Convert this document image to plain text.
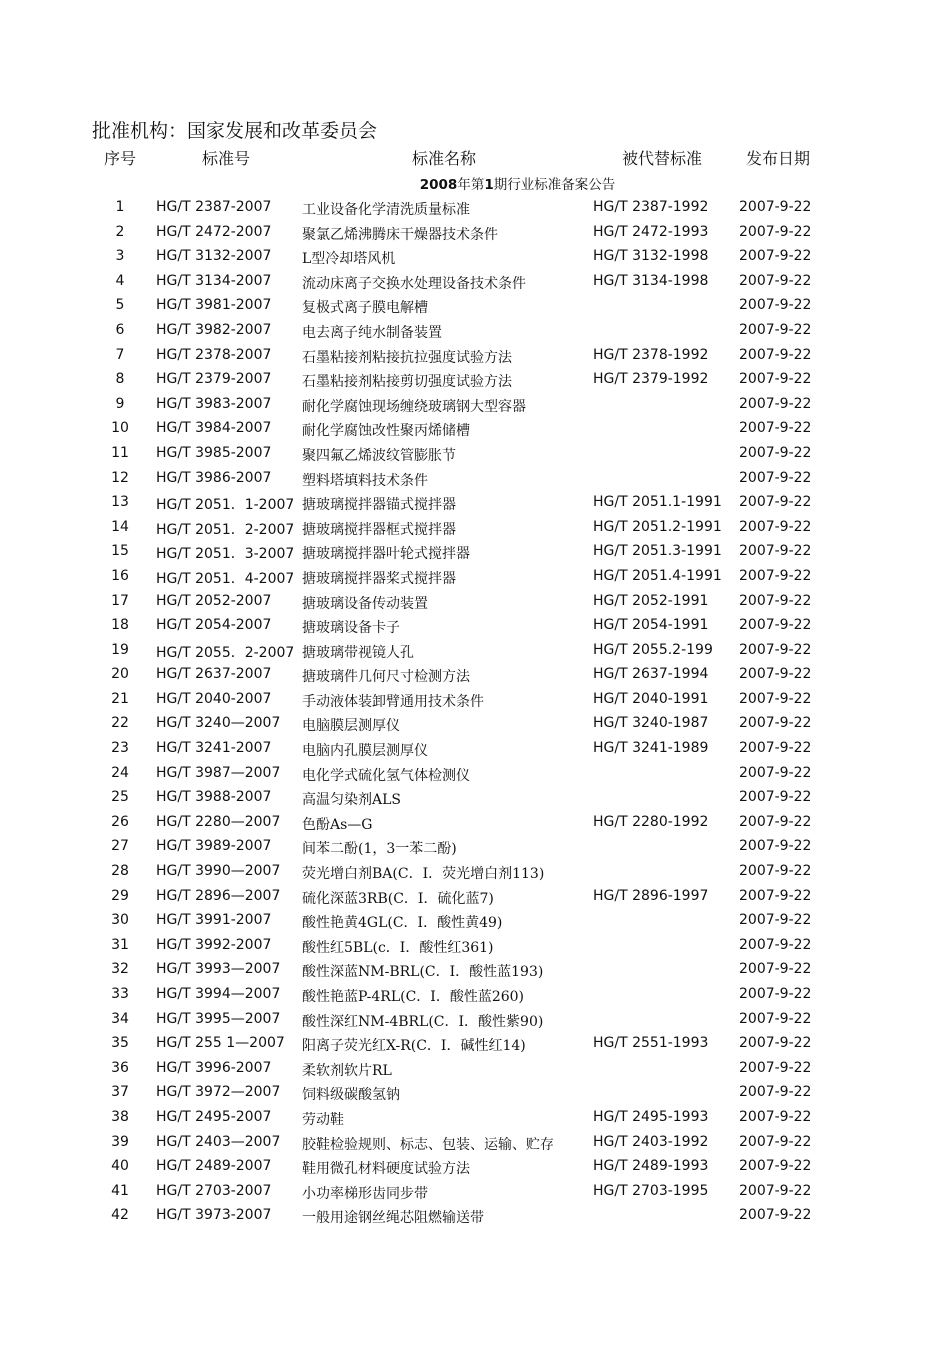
批准机构：国家发展和改革委员会
序号	标准号	标准名称	被代替标准	发布日期
2008年第1期行业标准备案公告
1	HG/T 2387-2007 工业设备化学清洗质量标准	HG/T 2387-1992 2007-9-22
2	HG/T 2472-2007 聚氯乙烯沸腾床干燥器技术条件	HG/T 2472-1993 2007-9-22
3	HG/T 3132-2007 L型冷却塔风机	HG/T 3132-1998 2007-9-22
4	HG/T 3134-2007 流动床离子交换水处理设备技术条件	HG/T 3134-1998 2007-9-22
5	HG/T 3981-2007 复极式离子膜电解槽	2007-9-22
6	HG/T 3982-2007 电去离子纯水制备装置	2007-9-22
7	HG/T 2378-2007 石墨粘接剂粘接抗拉强度试验方法	HG/T 2378-1992 2007-9-22
8	HG/T 2379-2007 石墨粘接剂粘接剪切强度试验方法	HG/T 2379-1992 2007-9-22
9	HG/T 3983-2007 耐化学腐蚀现场缠绕玻璃钢大型容器	2007-9-22
10	HG/T 3984-2007 耐化学腐蚀改性聚丙烯储槽	2007-9-22
11	HG/T 3985-2007 聚四氟乙烯波纹管膨胀节	2007-9-22
12	HG/T 3986-2007 塑料塔填料技术条件	2007-9-22
13	HG/T 2051．1-2007 搪玻璃搅拌器锚式搅拌器	HG/T 2051.1-1991 2007-9-22
14	HG/T 2051．2-2007 搪玻璃搅拌器框式搅拌器	HG/T 2051.2-1991 2007-9-22
15	HG/T 2051．3-2007 搪玻璃搅拌器叶轮式搅拌器	HG/T 2051.3-1991 2007-9-22
16	HG/T 2051．4-2007 搪玻璃搅拌器桨式搅拌器	HG/T 2051.4-1991 2007-9-22
17	HG/T 2052-2007 搪玻璃设备传动装置	HG/T 2052-1991 2007-9-22
18	HG/T 2054-2007 搪玻璃设备卡子	HG/T 2054-1991 2007-9-22
19	HG/T 2055．2-2007 搪玻璃带视镜人孔	HG/T 2055.2-199 2007-9-22
20	HG/T 2637-2007 搪玻璃件几何尺寸检测方法	HG/T 2637-1994 2007-9-22
21	HG/T 2040-2007 手动液体装卸臂通用技术条件	HG/T 2040-1991 2007-9-22
22	HG/T 3240—2007 电脑膜层测厚仪	HG/T 3240-1987 2007-9-22
23	HG/T 3241-2007 电脑内孔膜层测厚仪	HG/T 3241-1989 2007-9-22
24	HG/T 3987—2007 电化学式硫化氢气体检测仪	2007-9-22
25	HG/T 3988-2007 高温匀染剂ALS	2007-9-22
26	HG/T 2280—2007 色酚As—G	HG/T 2280-1992 2007-9-22
27	HG/T 3989-2007 间苯二酚(1，3一苯二酚)	2007-9-22
28	HG/T 3990—2007 荧光增白剂BA(C．I．荧光增白剂113)	2007-9-22
29	HG/T 2896—2007 硫化深蓝3RB(C．I．硫化蓝7)	HG/T 2896-1997 2007-9-22
30	HG/T 3991-2007 酸性艳黄4GL(C．I．酸性黄49)	2007-9-22
31	HG/T 3992-2007 酸性红5BL(c．I．酸性红361)	2007-9-22
32	HG/T 3993—2007 酸性深蓝NM-BRL(C．I．酸性蓝193)	2007-9-22
33	HG/T 3994—2007 酸性艳蓝P-4RL(C．I．酸性蓝260)	2007-9-22
34	HG/T 3995—2007 酸性深红NM-4BRL(C．I．酸性紫90)	2007-9-22
35	HG/T 255 1—2007 阳离子荧光红X-R(C．I．碱性红14)	HG/T 2551-1993 2007-9-22
36	HG/T 3996-2007 柔软剂软片RL	2007-9-22
37	HG/T 3972—2007 饲料级碳酸氢钠	2007-9-22
38	HG/T 2495-2007 劳动鞋	HG/T 2495-1993 2007-9-22
39	HG/T 2403—2007 胶鞋检验规则、标志、包装、运输、贮存	HG/T 2403-1992 2007-9-22
40	HG/T 2489-2007 鞋用微孔材料硬度试验方法	HG/T 2489-1993 2007-9-22
41	HG/T 2703-2007 小功率梯形齿同步带	HG/T 2703-1995 2007-9-22
42	HG/T 3973-2007 一般用途钢丝绳芯阻燃输送带	2007-9-22
